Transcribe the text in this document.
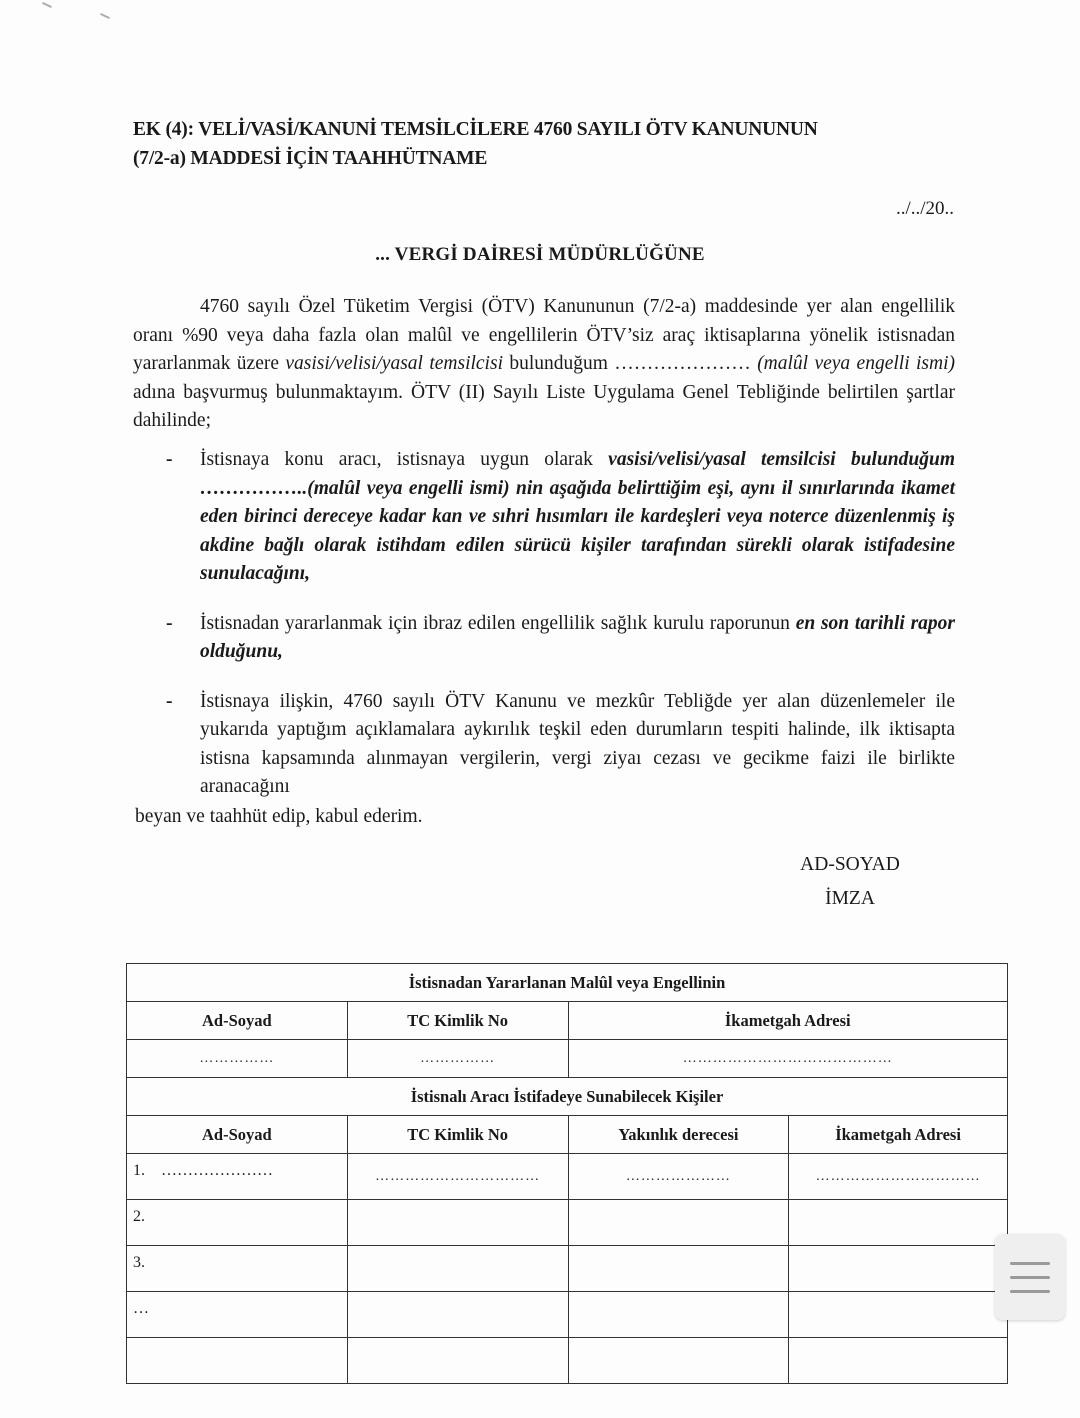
EK (4): VELİ/VASİ/KANUNİ TEMSİLCİLERE 4760 SAYILI ÖTV KANUNUNUN
(7/2-a) MADDESİ İÇİN TAAHHÜTNAME
../../20..
... VERGİ DAİRESİ MÜDÜRLÜĞÜNE
4760 sayılı Özel Tüketim Vergisi (ÖTV) Kanununun (7/2-a) maddesinde yer alan engellilik oranı %90 veya daha fazla olan malûl ve engellilerin ÖTV’siz araç iktisaplarına yönelik istisnadan yararlanmak üzere vasisi/velisi/yasal temsilcisi bulunduğum ………………… (malûl veya engelli ismi) adına başvurmuş bulunmaktayım. ÖTV (II) Sayılı Liste Uygulama Genel Tebliğinde belirtilen şartlar dahilinde;
- İstisnaya konu aracı, istisnaya uygun olarak vasisi/velisi/yasal temsilcisi bulunduğum ……………..(malûl veya engelli ismi) nin aşağıda belirttiğim eşi, aynı il sınırlarında ikamet eden birinci dereceye kadar kan ve sıhri hısımları ile kardeşleri veya noterce düzenlenmiş iş akdine bağlı olarak istihdam edilen sürücü kişiler tarafından sürekli olarak istifadesine sunulacağını,
- İstisnadan yararlanmak için ibraz edilen engellilik sağlık kurulu raporunun en son tarihli rapor olduğunu,
- İstisnaya ilişkin, 4760 sayılı ÖTV Kanunu ve mezkûr Tebliğde yer alan düzenlemeler ile yukarıda yaptığım açıklamalara aykırılık teşkil eden durumların tespiti halinde, ilk iktisapta istisna kapsamında alınmayan vergilerin, vergi ziyaı cezası ve gecikme faizi ile birlikte aranacağını
beyan ve taahhüt edip, kabul ederim.
AD-SOYAD
İMZA
İstisnadan Yararlanan Malûl veya Engellinin			
Ad-Soyad	TC Kimlik No	İkametgah Adresi	
……………	……………	……………………………………	
İstisnalı Aracı İstifadeye Sunabilecek Kişiler			
Ad-Soyad	TC Kimlik No	Yakınlık derecesi	İkametgah Adresi
1. …………………	……………………………	…………………	……………………………
2.			
3.			
…			
